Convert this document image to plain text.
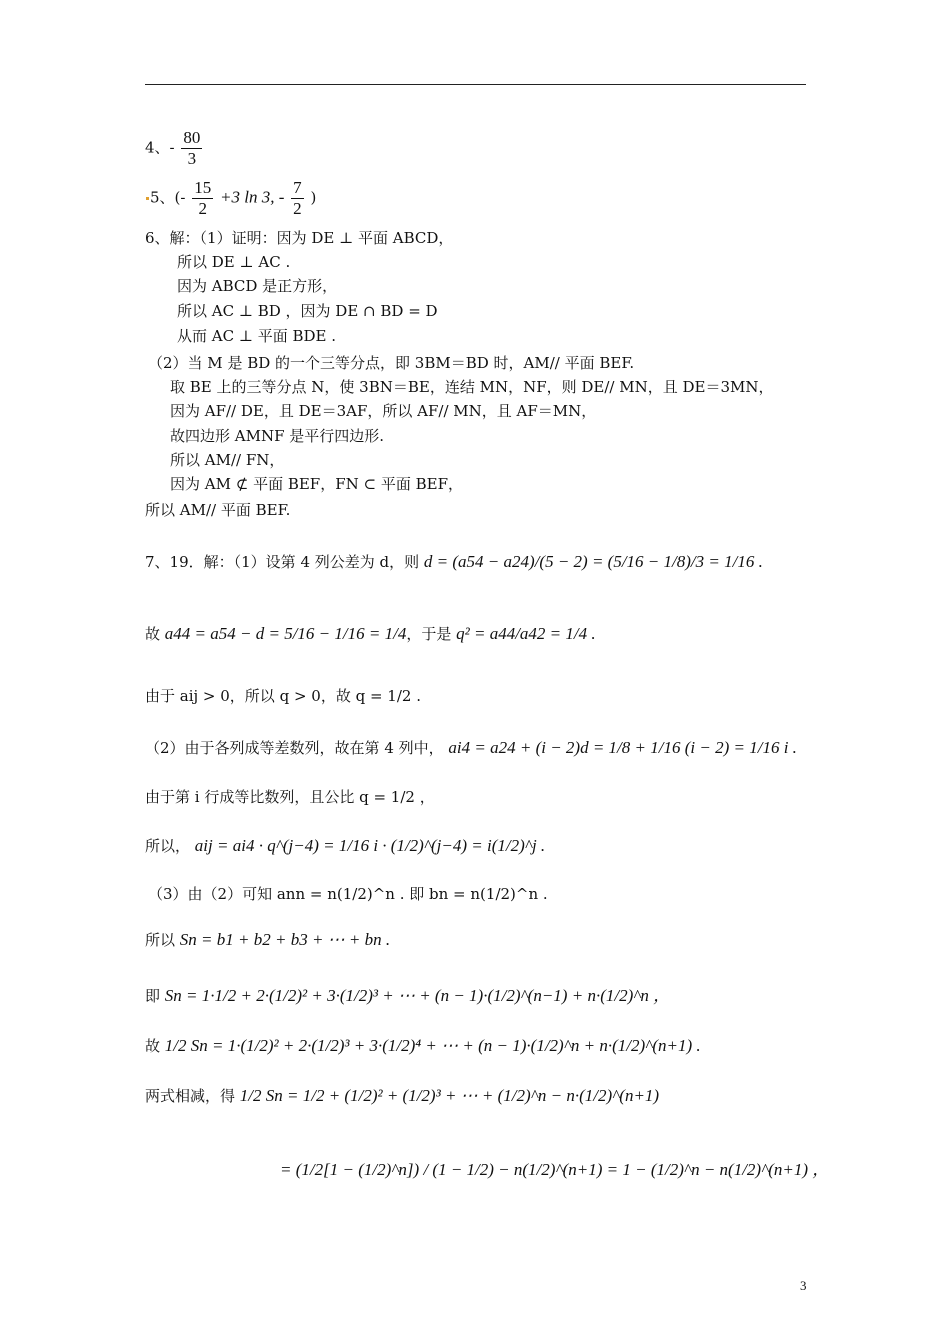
4、- $\frac{80}{3}$
5、(- $\frac{15}{2} +3$ ln 3, - $\frac{7}{2}$ )
6、解：（1）证明：因为 DE ⊥ 平面 ABCD，
所以 DE ⊥ AC .
因为 ABCD 是正方形，
所以 AC ⊥ BD ，因为 DE ∩ BD = D
从而 AC ⊥ 平面 BDE .
（2）当 M 是 BD 的一个三等分点，即 3BM＝BD 时，AM// 平面 BEF.
取 BE 上的三等分点 N，使 3BN＝BE，连结 MN，NF，则 DE// MN，且 DE＝3MN，
因为 AF// DE，且 DE＝3AF，所以 AF// MN，且 AF＝MN，
故四边形 AMNF 是平行四边形.
所以 AM// FN，
因为 AM ⊄ 平面 BEF，FN ⊂ 平面 BEF，
所以 AM// 平面 BEF.
7、19．解：（1）设第 4 列公差为 d，则 d = (a54 − a24)/(5 − 2) = (5/16 − 1/8)/3 = 1/16 .
故 a44 = a54 − d = 5/16 − 1/16 = 1/4，于是 q² = a44/a42 = 1/4 .
由于 aij > 0，所以 q > 0，故 q = 1/2 .
（2）由于各列成等差数列，故在第 4 列中， ai4 = a24 + (i − 2)d = 1/8 + 1/16 (i − 2) = 1/16 i .
由于第 i 行成等比数列，且公比 q = 1/2 ，
所以， aij = ai4 · q^(j−4) = 1/16 i · (1/2)^(j−4) = i(1/2)^j .
（3）由（2）可知 ann = n(1/2)^n . 即 bn = n(1/2)^n .
所以 Sn = b1 + b2 + b3 + ⋯ + bn .
即 Sn = 1·1/2 + 2·(1/2)² + 3·(1/2)³ + ⋯ + (n − 1)·(1/2)^(n−1) + n·(1/2)^n ，
故 1/2 Sn = 1·(1/2)² + 2·(1/2)³ + 3·(1/2)⁴ + ⋯ + (n − 1)·(1/2)^n + n·(1/2)^(n+1) .
两式相减，得 1/2 Sn = 1/2 + (1/2)² + (1/2)³ + ⋯ + (1/2)^n − n·(1/2)^(n+1)
= (1/2[1 − (1/2)^n]) / (1 − 1/2) − n(1/2)^(n+1) = 1 − (1/2)^n − n(1/2)^(n+1) ，
3
